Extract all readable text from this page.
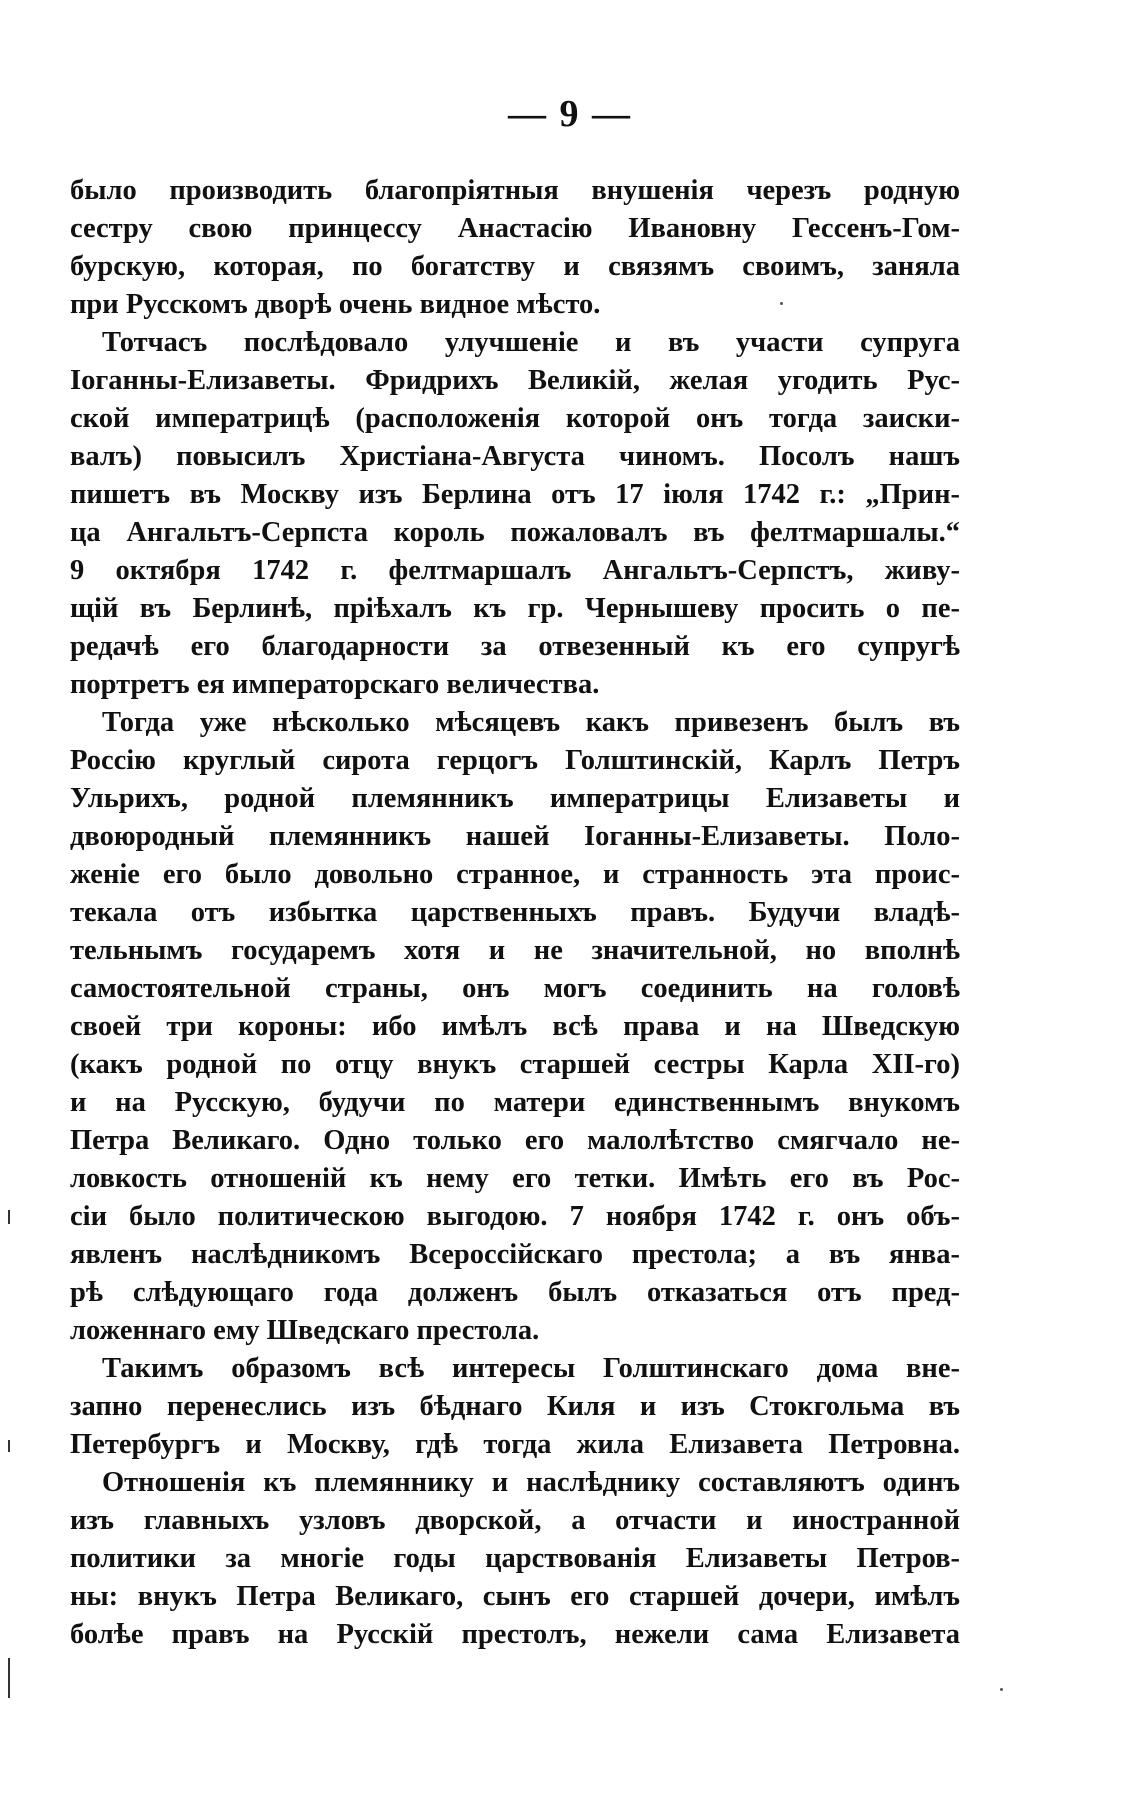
— 9 —
было производить благопріятныя внушенія черезъ родную
сестру свою принцессу Анастасію Ивановну Гессенъ-Гом-
бурскую, которая, по богатству и связямъ своимъ, заняла
при Русскомъ дворѣ очень видное мѣсто.
Тотчасъ послѣдовало улучшеніе и въ участи супруга
Іоганны-Елизаветы. Фридрихъ Великій, желая угодить Рус-
ской императрицѣ (расположенія которой онъ тогда заиски-
валъ) повысилъ Христіана-Августа чиномъ. Посолъ нашъ
пишетъ въ Москву изъ Берлина отъ 17 іюля 1742 г.: „Прин-
ца Ангальтъ-Серпста король пожаловалъ въ фелтмаршалы.“
9 октября 1742 г. фелтмаршалъ Ангальтъ-Серпстъ, живу-
щій въ Берлинѣ, пріѣхалъ къ гр. Чернышеву просить о пе-
редачѣ его благодарности за отвезенный къ его супругѣ
портретъ ея императорскаго величества.
Тогда уже нѣсколько мѣсяцевъ какъ привезенъ былъ въ
Россію круглый сирота герцогъ Голштинскій, Карлъ Петръ
Ульрихъ, родной племянникъ императрицы Елизаветы и
двоюродный племянникъ нашей Іоганны-Елизаветы. Поло-
женіе его было довольно странное, и странность эта проис-
текала отъ избытка царственныхъ правъ. Будучи владѣ-
тельнымъ государемъ хотя и не значительной, но вполнѣ
самостоятельной страны, онъ могъ соединить на головѣ
своей три короны: ибо имѣлъ всѣ права и на Шведскую
(какъ родной по отцу внукъ старшей сестры Карла XII-го)
и на Русскую, будучи по матери единственнымъ внукомъ
Петра Великаго. Одно только его малолѣтство смягчало не-
ловкость отношеній къ нему его тетки. Имѣть его въ Рос-
сіи было политическою выгодою. 7 ноября 1742 г. онъ объ-
явленъ наслѣдникомъ Всероссійскаго престола; а въ янва-
рѣ слѣдующаго года долженъ былъ отказаться отъ пред-
ложеннаго ему Шведскаго престола.
Такимъ образомъ всѣ интересы Голштинскаго дома вне-
запно перенеслись изъ бѣднаго Киля и изъ Стокгольма въ
Петербургъ и Москву, гдѣ тогда жила Елизавета Петровна.
Отношенія къ племяннику и наслѣднику составляютъ одинъ
изъ главныхъ узловъ дворской, а отчасти и иностранной
политики за многіе годы царствованія Елизаветы Петров-
ны: внукъ Петра Великаго, сынъ его старшей дочери, имѣлъ
болѣе правъ на Русскій престолъ, нежели сама Елизавета
